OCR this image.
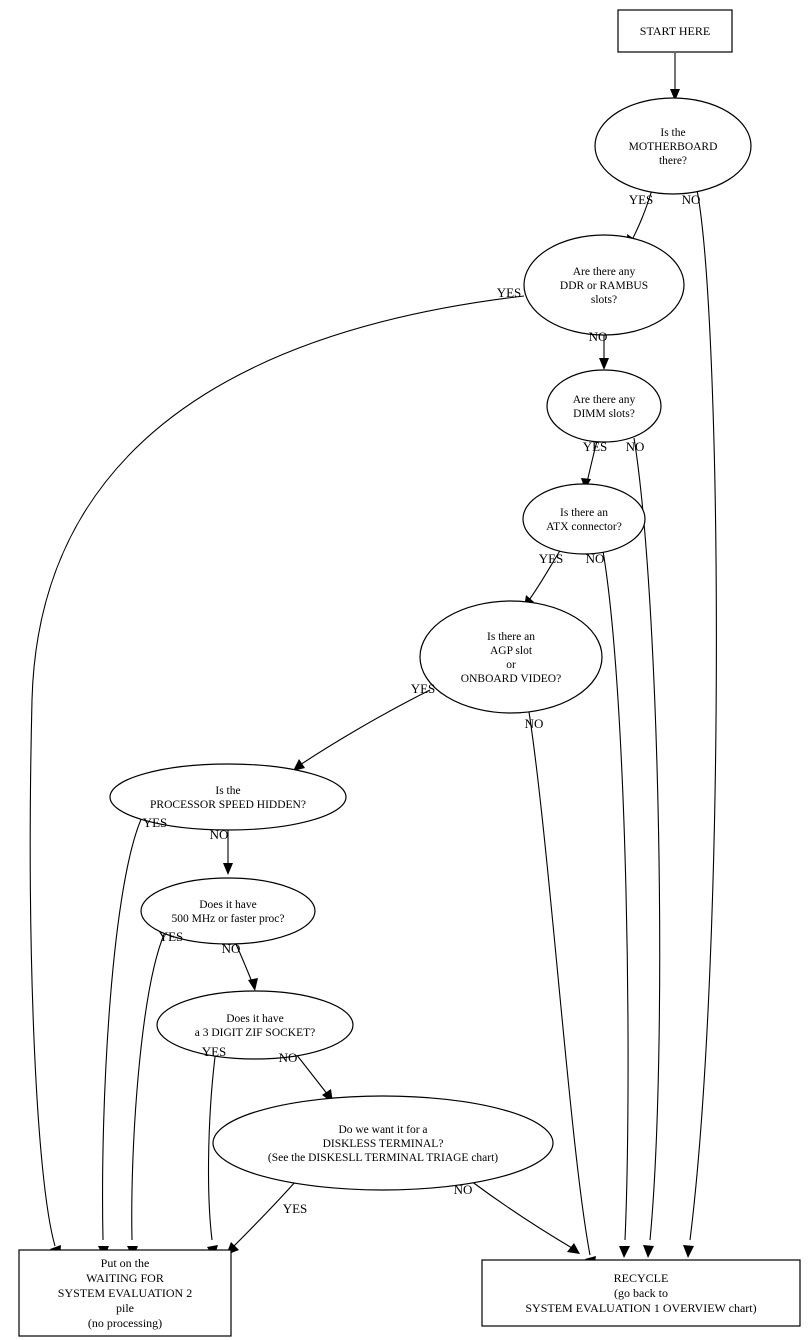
START HERE
Is the
MOTHERBOARD
there?
Are there any
DDR or RAMBUS
slots?
Are there any
DIMM slots?
Is there an
ATX connector?
Is there an
AGP slot
or
ONBOARD VIDEO?
Is the
PROCESSOR SPEED HIDDEN?
Does it have
500 MHz or faster proc?
Does it have
a 3 DIGIT ZIF SOCKET?
Do we want it for a
DISKLESS TERMINAL?
(See the DISKESLL TERMINAL TRIAGE chart)
Put on the
WAITING FOR
SYSTEM EVALUATION 2
pile
(no processing)
RECYCLE
(go back to
SYSTEM EVALUATION 1 OVERVIEW chart)
YES NO
YES
NO
YES NO
YES NO
YES
NO
YES
NO
YES
NO
YES	NO
YES
NO
